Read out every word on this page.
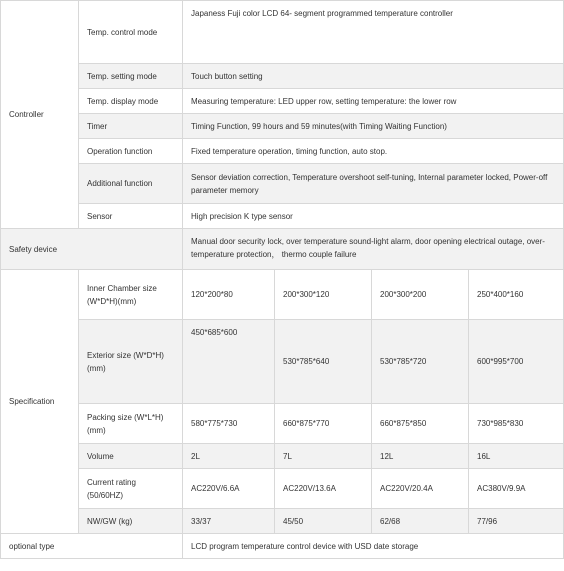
Controller	Temp. control mode	Japaness Fuji color LCD 64- segment programmed temperature controller			
	Temp. setting mode	Touch button setting			
	Temp. display mode	Measuring temperature: LED upper row, setting temperature: the lower row			
	Timer	Timing Function, 99 hours and 59 minutes(with Timing Waiting Function)			
	Operation function	Fixed temperature operation, timing function, auto stop.			
	Additional function	Sensor deviation correction, Temperature overshoot self-tuning, Internal parameter locked, Power-off parameter memory			
	Sensor	High precision K type sensor			
Safety device		Manual door security lock, over temperature sound-light alarm, door opening electrical outage, over-temperature protection， thermo couple failure			
Specification	Inner Chamber size (W*D*H)(mm)	120*200*80	200*300*120	200*300*200	250*400*160
	Exterior size (W*D*H) (mm)	450*685*600	530*785*640	530*785*720	600*995*700
	Packing size (W*L*H) (mm)	580*775*730	660*875*770	660*875*850	730*985*830
	Volume	2L	7L	12L	16L
	Current rating (50/60HZ)	AC220V/6.6A	AC220V/13.6A	AC220V/20.4A	AC380V/9.9A
	NW/GW (kg)	33/37	45/50	62/68	77/96
optional type		LCD program temperature control device with USD date storage			
